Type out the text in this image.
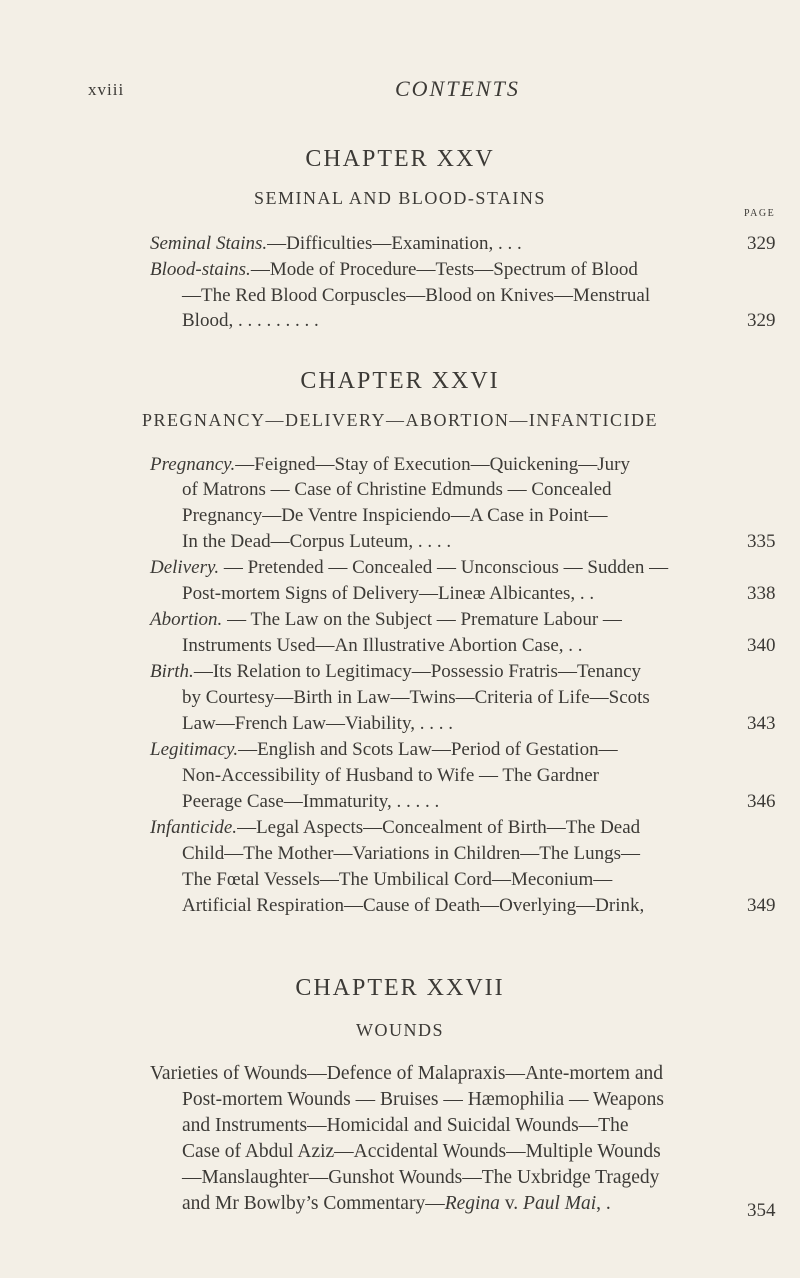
xviii	CONTENTS
CHAPTER XXV
SEMINAL AND BLOOD-STAINS
PAGE
Seminal Stains.—Difficulties—Examination, . . .	329
Blood-stains.—Mode of Procedure—Tests—Spectrum of Blood
—The Red Blood Corpuscles—Blood on Knives—Menstrual
Blood, . . . . . . . . .	329
CHAPTER XXVI
PREGNANCY—DELIVERY—ABORTION—INFANTICIDE
Pregnancy.—Feigned—Stay of Execution—Quickening—Jury
of Matrons — Case of Christine Edmunds — Concealed
Pregnancy—De Ventre Inspiciendo—A Case in Point—
In the Dead—Corpus Luteum, . . . .	335
Delivery. — Pretended — Concealed — Unconscious — Sudden —
Post-mortem Signs of Delivery—Lineæ Albicantes, . .	338
Abortion. — The Law on the Subject — Premature Labour —
Instruments Used—An Illustrative Abortion Case, . .	340
Birth.—Its Relation to Legitimacy—Possessio Fratris—Tenancy
by Courtesy—Birth in Law—Twins—Criteria of Life—Scots
Law—French Law—Viability, . . . .	343
Legitimacy.—English and Scots Law—Period of Gestation—
Non-Accessibility of Husband to Wife — The Gardner
Peerage Case—Immaturity, . . . . .	346
Infanticide.—Legal Aspects—Concealment of Birth—The Dead
Child—The Mother—Variations in Children—The Lungs—
The Fœtal Vessels—The Umbilical Cord—Meconium—
Artificial Respiration—Cause of Death—Overlying—Drink,	349
CHAPTER XXVII
WOUNDS
Varieties of Wounds—Defence of Malapraxis—Ante-mortem and
Post-mortem Wounds — Bruises — Hæmophilia — Weapons
and Instruments—Homicidal and Suicidal Wounds—The
Case of Abdul Aziz—Accidental Wounds—Multiple Wounds
—Manslaughter—Gunshot Wounds—The Uxbridge Tragedy
and Mr Bowlby’s Commentary—Regina v. Paul Mai, .	354
